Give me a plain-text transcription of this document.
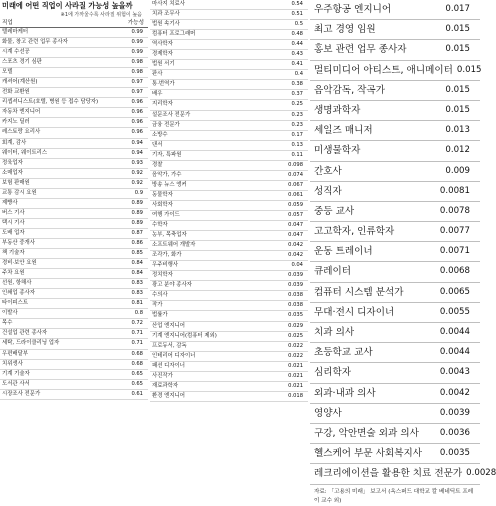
미래에 어떤 직업이 사라질 가능성 높을까
※1에 가까울수록 사라질 위험이 높음
직업	가능성
텔레마케터	0.99
화물, 창고 관련 업무 종사자	0.99
시계 수선공	0.99
스포츠 경기 심판	0.98
모델	0.98
캐셔어(계산원)	0.97
전화 교환원	0.97
리셉셔니스트(호텔, 병원 등 접수 담당자)	0.96
자동차 엔지니어	0.96
카지노 딜러	0.96
레스토랑 요리사	0.96
회계, 감사	0.94
웨이터, 웨이트리스	0.94
정육업자	0.93
소매업자	0.92
보험 판매원	0.92
교통 감시 요원	0.9
제빵사	0.89
버스 기사	0.89
택시 기사	0.89
도배 업자	0.87
부동산 중개사	0.86
책 기술자	0.85
경비·보안 요원	0.84
주차 요원	0.84
선원, 항해사	0.83
인쇄업 종사자	0.83
타이피스트	0.81
이발사	0.8
목수	0.72
건설업 관련 종사자	0.71
세탁, 드라이클리닝 업자	0.71
우편배달부	0.68
치위생사	0.68
기계 기술자	0.65
도서관 사서	0.65
시장조사 전문가	0.61
마사지 치료사	0.54
치과 조무사	0.51
법원 속기사	0.5
컴퓨터 프로그래머	0.48
역사학자	0.44
경제학자	0.43
법원 서기	0.41
판사	0.4
통·번역가	0.38
배우	0.37
지리학자	0.25
설문조사 전문가	0.23
금융 전문가	0.23
소방수	0.17
댄서	0.13
기자, 특파원	0.11
경찰	0.098
음악가, 가수	0.074
방송 뉴스 앵커	0.067
동물학자	0.061
사회학자	0.059
여행 가이드	0.057
수학자	0.047
농부, 목축업자	0.047
소프트웨어 개발자	0.042
조각가, 화가	0.042
우주비행사	0.04
정치학자	0.039
광고 분야 종사자	0.039
수의사	0.038
작가	0.038
법률가	0.035
산업 엔지니어	0.029
기계 엔지니어(컴퓨터 제외)	0.025
프로듀서, 감독	0.022
인테리어 디자이너	0.022
패션 디자이너	0.021
사진작가	0.021
재료과학자	0.021
환경 엔지니어	0.018
우주항공 엔지니어	0.017
최고 경영 임원	0.015
홍보 관련 업무 종사자	0.015
멀티미디어 아티스트, 애니메이터 0.015
음악감독, 작곡가	0.015
생명과학자	0.015
세일즈 매니저	0.013
미생물학자	0.012
간호사	0.009
성직자	0.0081
중등 교사	0.0078
고고학자, 인류학자	0.0077
운동 트레이너	0.0071
큐레이터	0.0068
컴퓨터 시스템 분석가	0.0065
무대·전시 디자이너	0.0055
치과 의사	0.0044
초등학교 교사	0.0044
심리학자	0.0043
외과·내과 의사	0.0042
영양사	0.0039
구강, 악안면술 외과 의사 0.0036
헬스케어 부문 사회복지사 0.0035
레크리에이션을 활용한 치료 전문가 0.0028
자료: 「고용의 미래」 보고서 (옥스퍼드 대학교 칼 베네딕트 프레이 교수 외)
